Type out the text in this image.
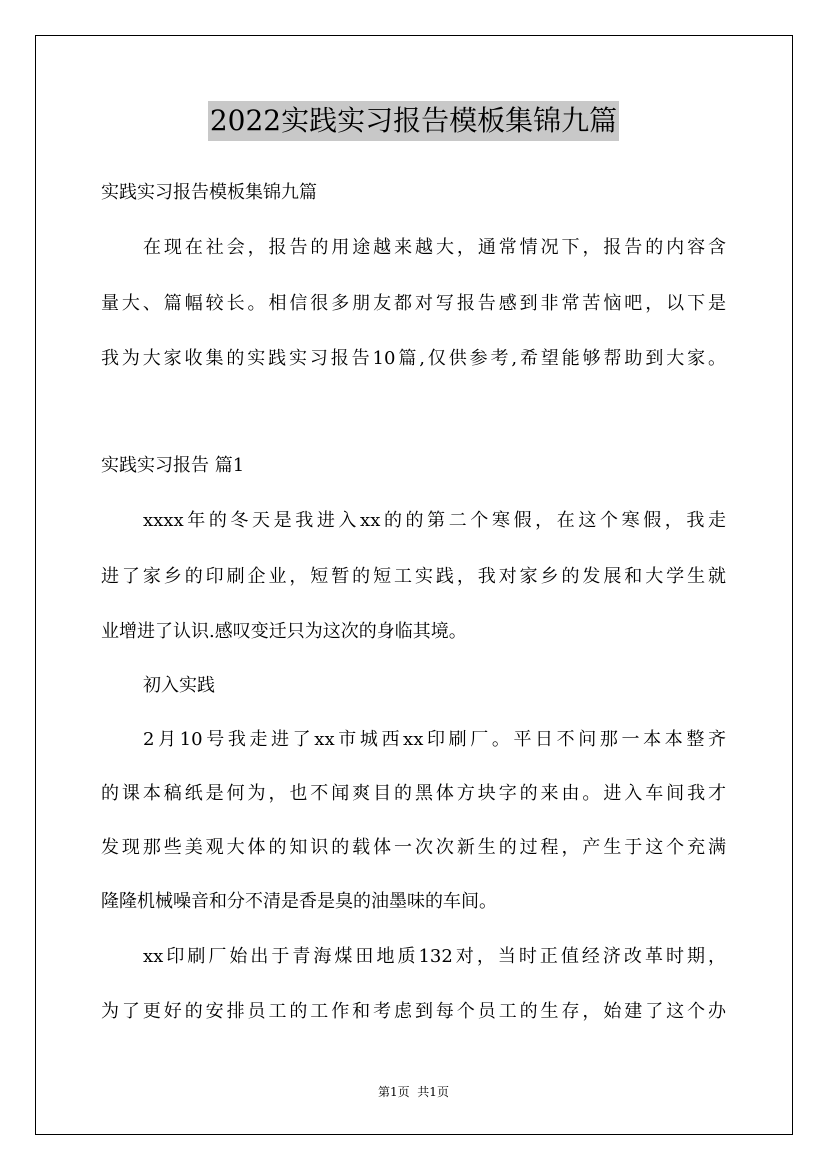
2022实践实习报告模板集锦九篇
实践实习报告模板集锦九篇
在现在社会，报告的用途越来越大，通常情况下，报告的内容含
量大、篇幅较长。相信很多朋友都对写报告感到非常苦恼吧，以下是
我为大家收集的实践实习报告10篇,仅供参考,希望能够帮助到大家。
实践实习报告 篇1
xxxx年的冬天是我进入xx的的第二个寒假，在这个寒假，我走
进了家乡的印刷企业，短暂的短工实践，我对家乡的发展和大学生就
业增进了认识.感叹变迁只为这次的身临其境。
初入实践
2月10号我走进了xx市城西xx印刷厂。平日不问那一本本整齐
的课本稿纸是何为，也不闻爽目的黑体方块字的来由。进入车间我才
发现那些美观大体的知识的载体一次次新生的过程，产生于这个充满
隆隆机械噪音和分不清是香是臭的油墨味的车间。
xx印刷厂始出于青海煤田地质132对，当时正值经济改革时期，
为了更好的安排员工的工作和考虑到每个员工的生存，始建了这个办
第1页  共1页
